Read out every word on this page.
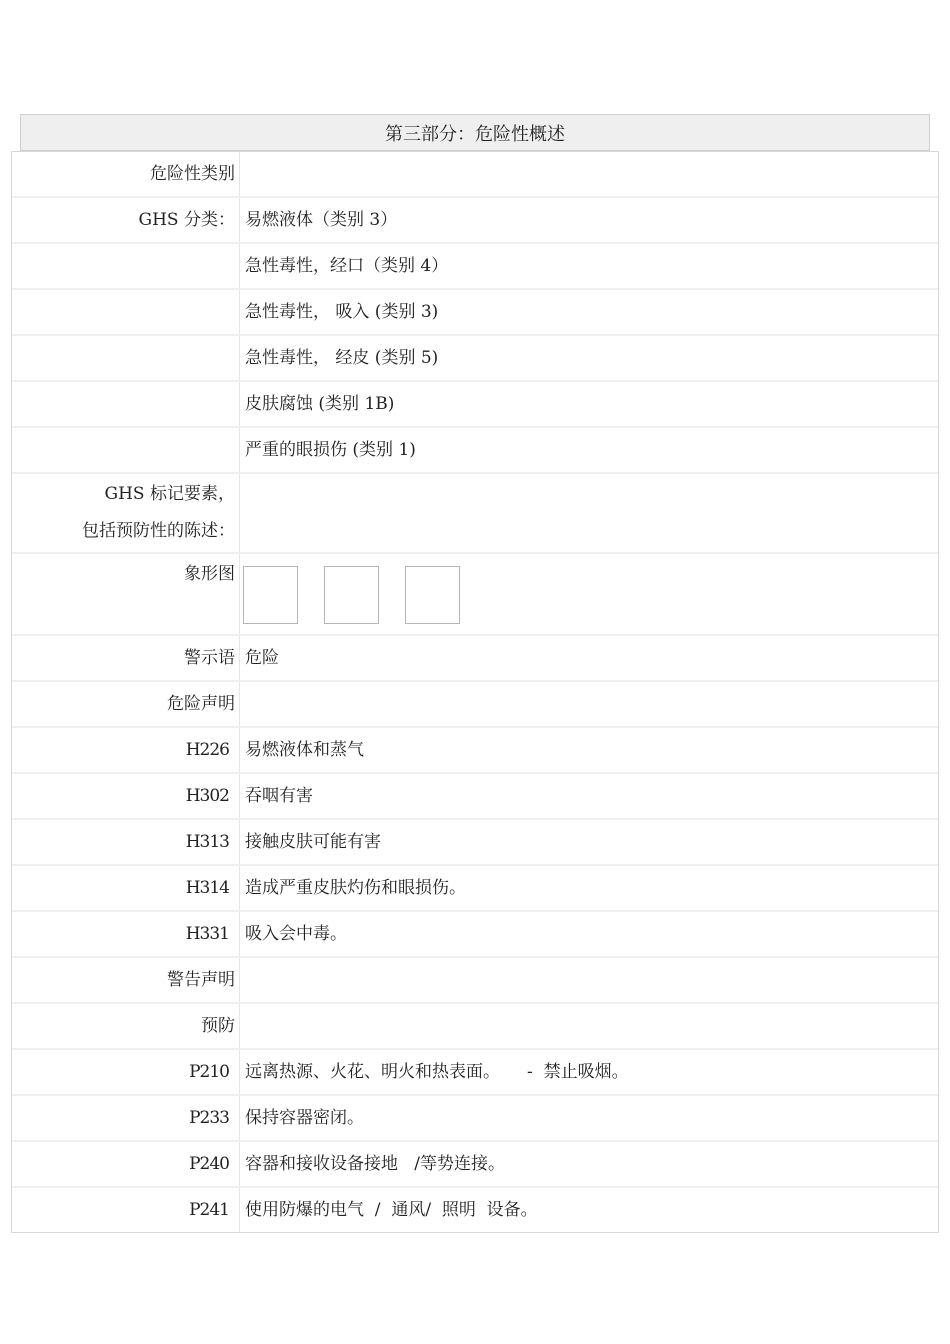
第三部分：危险性概述
危险性类别
GHS 分类： 易燃液体（类别 3）
急性毒性，经口（类别 4）
急性毒性， 吸入 (类别 3)
急性毒性， 经皮 (类别 5)
皮肤腐蚀 (类别 1B)
严重的眼损伤 (类别 1)
GHS 标记要素，
包括预防性的陈述：
象形图
警示语 危险
危险声明
H226 易燃液体和蒸气
H302 吞咽有害
H313 接触皮肤可能有害
H314 造成严重皮肤灼伤和眼损伤。
H331 吸入会中毒。
警告声明
预防
P210 远离热源、火花、明火和热表面。     -  禁止吸烟。
P233 保持容器密闭。
P240 容器和接收设备接地   /等势连接。
P241 使用防爆的电气  /  通风/  照明  设备。
